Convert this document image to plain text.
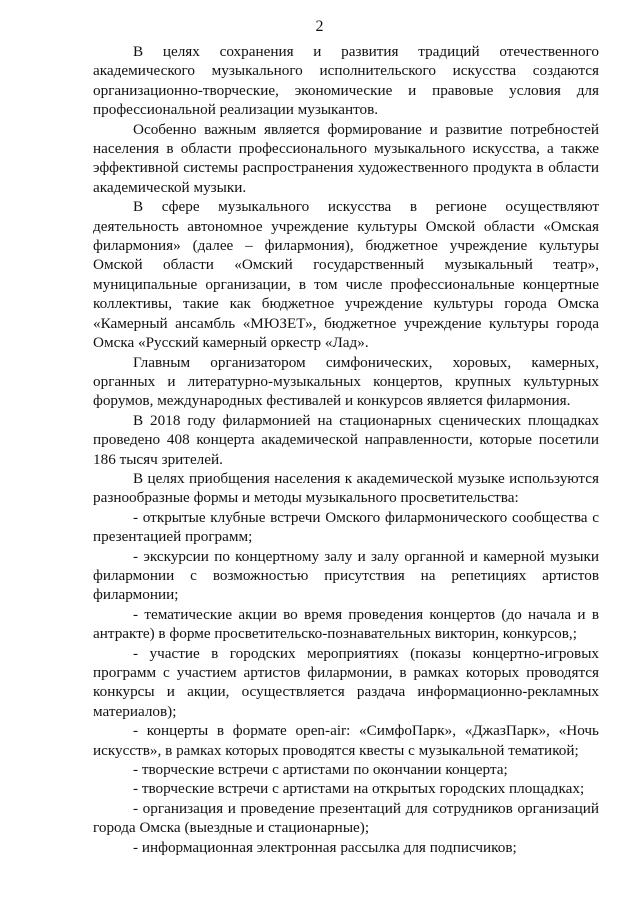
2

В целях сохранения и развития традиций отечественного академического музыкального исполнительского искусства создаются организационно-творческие, экономические и правовые условия для профессиональной реализации музыкантов.

Особенно важным является формирование и развитие потребностей населения в области профессионального музыкального искусства, а также эффективной системы распространения художественного продукта в области академической музыки.

В сфере музыкального искусства в регионе осуществляют деятельность автономное учреждение культуры Омской области «Омская филармония» (далее – филармония), бюджетное учреждение культуры Омской области «Омский государственный музыкальный театр», муниципальные организации, в том числе профессиональные концертные коллективы, такие как бюджетное учреждение культуры города Омска «Камерный ансамбль «МЮЗЕТ», бюджетное учреждение культуры города Омска «Русский камерный оркестр «Лад».

Главным организатором симфонических, хоровых, камерных, органных и литературно-музыкальных концертов, крупных культурных форумов, международных фестивалей и конкурсов является филармония.

В 2018 году филармонией на стационарных сценических площадках проведено 408 концерта академической направленности, которые посетили 186 тысяч зрителей.

В целях приобщения населения к академической музыке используются разнообразные формы и методы музыкального просветительства:

- открытые клубные встречи Омского филармонического сообщества с презентацией программ;

- экскурсии по концертному залу и залу органной и камерной музыки филармонии с возможностью присутствия на репетициях артистов филармонии;

- тематические акции во время проведения концертов (до начала и в антракте) в форме просветительско-познавательных викторин, конкурсов,;

- участие в городских мероприятиях (показы концертно-игровых программ с участием артистов филармонии, в рамках которых проводятся конкурсы и акции, осуществляется раздача информационно-рекламных материалов);

- концерты в формате open-air: «СимфоПарк», «ДжазПарк», «Ночь искусств», в рамках которых проводятся квесты с музыкальной тематикой;

- творческие встречи с артистами по окончании концерта;

- творческие встречи с артистами на открытых городских площадках;

- организация и проведение презентаций для сотрудников организаций города Омска (выездные и стационарные);

- информационная электронная рассылка для подписчиков;
